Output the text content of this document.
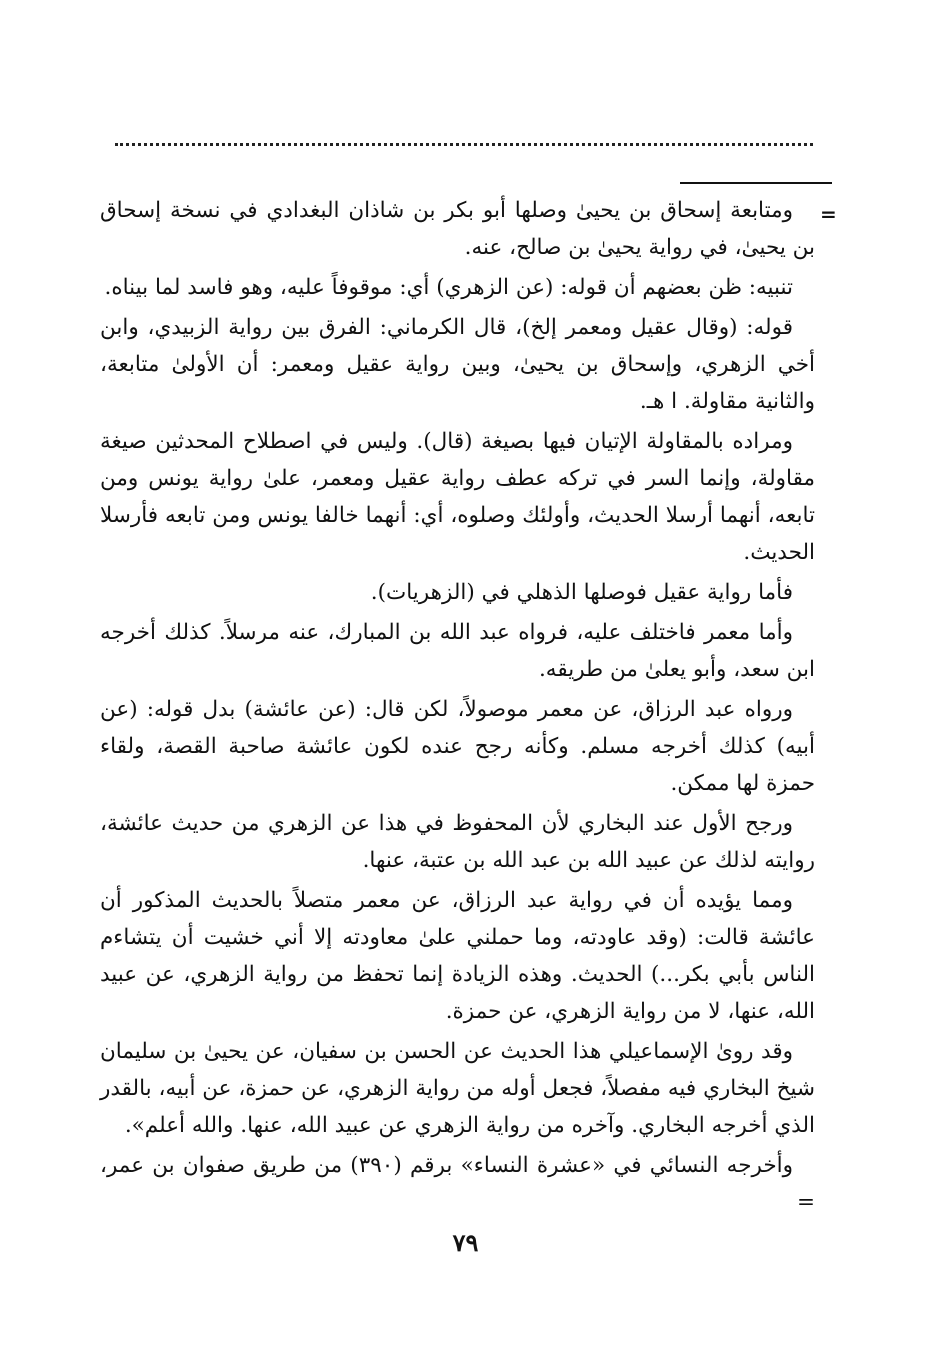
=

ومتابعة إسحاق بن يحيىٰ وصلها أبو بكر بن شاذان البغدادي في نسخة إسحاق بن يحيىٰ، في رواية يحيىٰ بن صالح، عنه.

تنبيه: ظن بعضهم أن قوله: (عن الزهري) أي: موقوفاً عليه، وهو فاسد لما بيناه.

قوله: (وقال عقيل ومعمر إلخ)، قال الكرماني: الفرق بين رواية الزبيدي، وابن أخي الزهري، وإسحاق بن يحيىٰ، وبين رواية عقيل ومعمر: أن الأولىٰ متابعة، والثانية مقاولة. ا هـ.

ومراده بالمقاولة الإتيان فيها بصيغة (قال). وليس في اصطلاح المحدثين صيغة مقاولة، وإنما السر في تركه عطف رواية عقيل ومعمر، علىٰ رواية يونس ومن تابعه، أنهما أرسلا الحديث، وأولئك وصلوه، أي: أنهما خالفا يونس ومن تابعه فأرسلا الحديث.

فأما رواية عقيل فوصلها الذهلي في (الزهريات).

وأما معمر فاختلف عليه، فرواه عبد الله بن المبارك، عنه مرسلاً. كذلك أخرجه ابن سعد، وأبو يعلىٰ من طريقه.

ورواه عبد الرزاق، عن معمر موصولاً، لكن قال: (عن عائشة) بدل قوله: (عن أبيه) كذلك أخرجه مسلم. وكأنه رجح عنده لكون عائشة صاحبة القصة، ولقاء حمزة لها ممكن.

ورجح الأول عند البخاري لأن المحفوظ في هذا عن الزهري من حديث عائشة، روايته لذلك عن عبيد الله بن عبد الله بن عتبة، عنها.

ومما يؤيده أن في رواية عبد الرزاق، عن معمر متصلاً بالحديث المذكور أن عائشة قالت: (وقد عاودته، وما حملني علىٰ معاودته إلا أني خشيت أن يتشاءم الناس بأبي بكر...) الحديث. وهذه الزيادة إنما تحفظ من رواية الزهري، عن عبيد الله، عنها، لا من رواية الزهري، عن حمزة.

وقد روىٰ الإسماعيلي هذا الحديث عن الحسن بن سفيان، عن يحيىٰ بن سليمان شيخ البخاري فيه مفصلاً، فجعل أوله من رواية الزهري، عن حمزة، عن أبيه، بالقدر الذي أخرجه البخاري. وآخره من رواية الزهري عن عبيد الله، عنها. والله أعلم».

وأخرجه النسائي في «عشرة النساء» برقم (٣٩٠) من طريق صفوان بن عمر، =

٧٩
